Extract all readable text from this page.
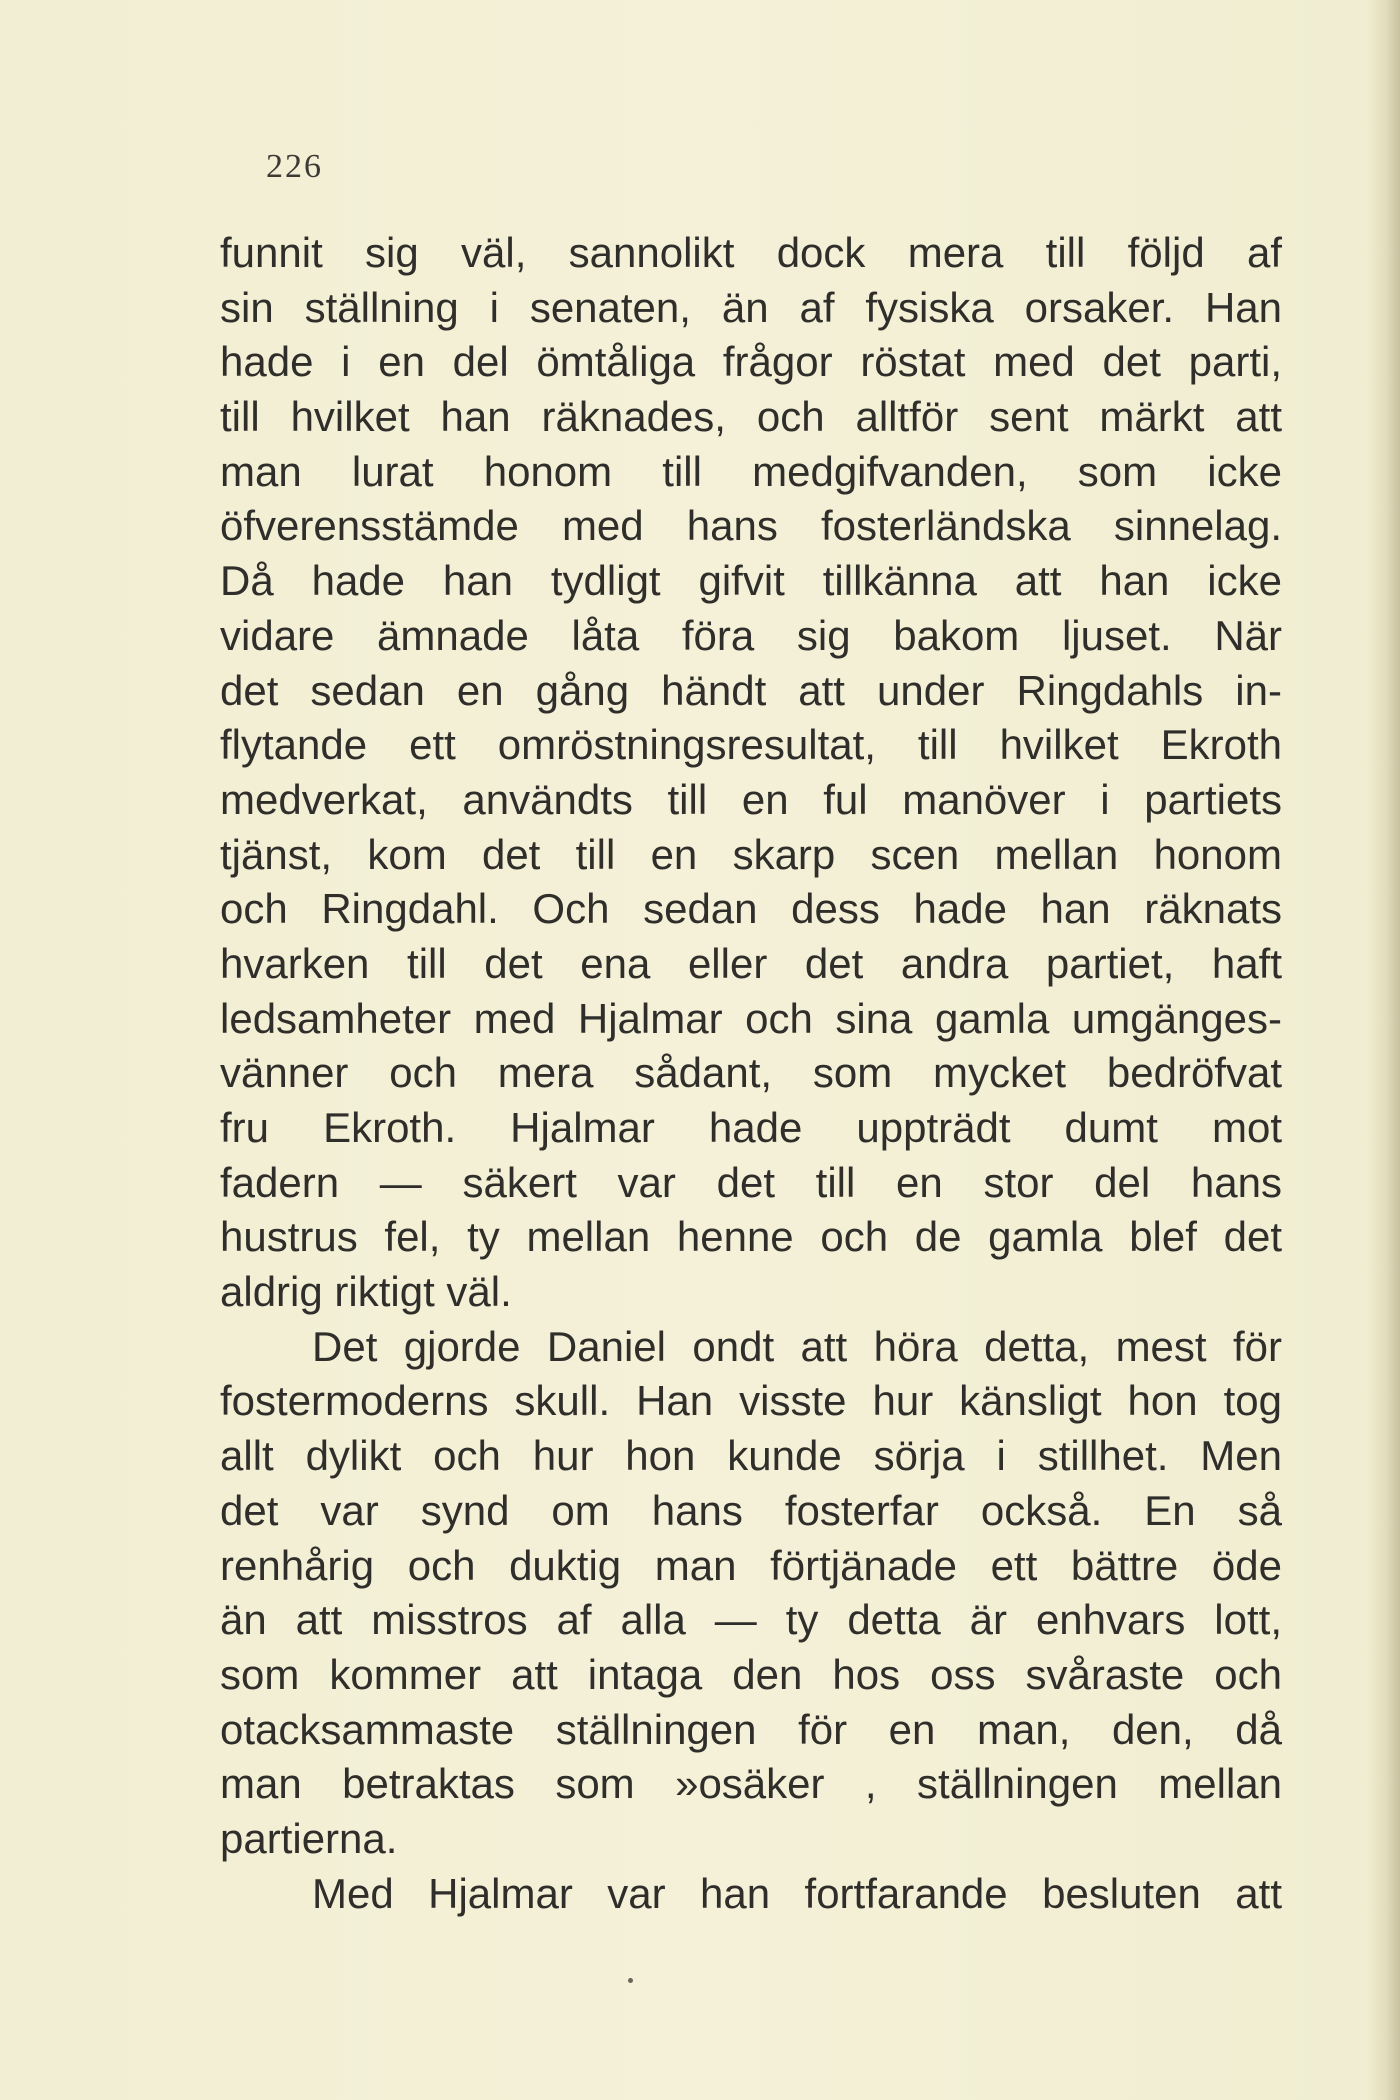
226
funnit sig väl, sannolikt dock mera till följd af
sin ställning i senaten, än af fysiska orsaker. Han
hade i en del ömtåliga frågor röstat med det parti,
till hvilket han räknades, och alltför sent märkt att
man lurat honom till medgifvanden, som icke
öfverensstämde med hans fosterländska sinnelag.
Då hade han tydligt gifvit tillkänna att han icke
vidare ämnade låta föra sig bakom ljuset. När
det sedan en gång händt att under Ringdahls in-
flytande ett omröstningsresultat, till hvilket Ekroth
medverkat, användts till en ful manöver i partiets
tjänst, kom det till en skarp scen mellan honom
och Ringdahl. Och sedan dess hade han räknats
hvarken till det ena eller det andra partiet, haft
ledsamheter med Hjalmar och sina gamla umgänges-
vänner och mera sådant, som mycket bedröfvat
fru Ekroth. Hjalmar hade uppträdt dumt mot
fadern — säkert var det till en stor del hans
hustrus fel, ty mellan henne och de gamla blef det
aldrig riktigt väl.
Det gjorde Daniel ondt att höra detta, mest för
fostermoderns skull. Han visste hur känsligt hon tog
allt dylikt och hur hon kunde sörja i stillhet. Men
det var synd om hans fosterfar också. En så
renhårig och duktig man förtjänade ett bättre öde
än att misstros af alla — ty detta är enhvars lott,
som kommer att intaga den hos oss svåraste och
otacksammaste ställningen för en man, den, då
man betraktas som »osäker , ställningen mellan
partierna.
Med Hjalmar var han fortfarande besluten att
